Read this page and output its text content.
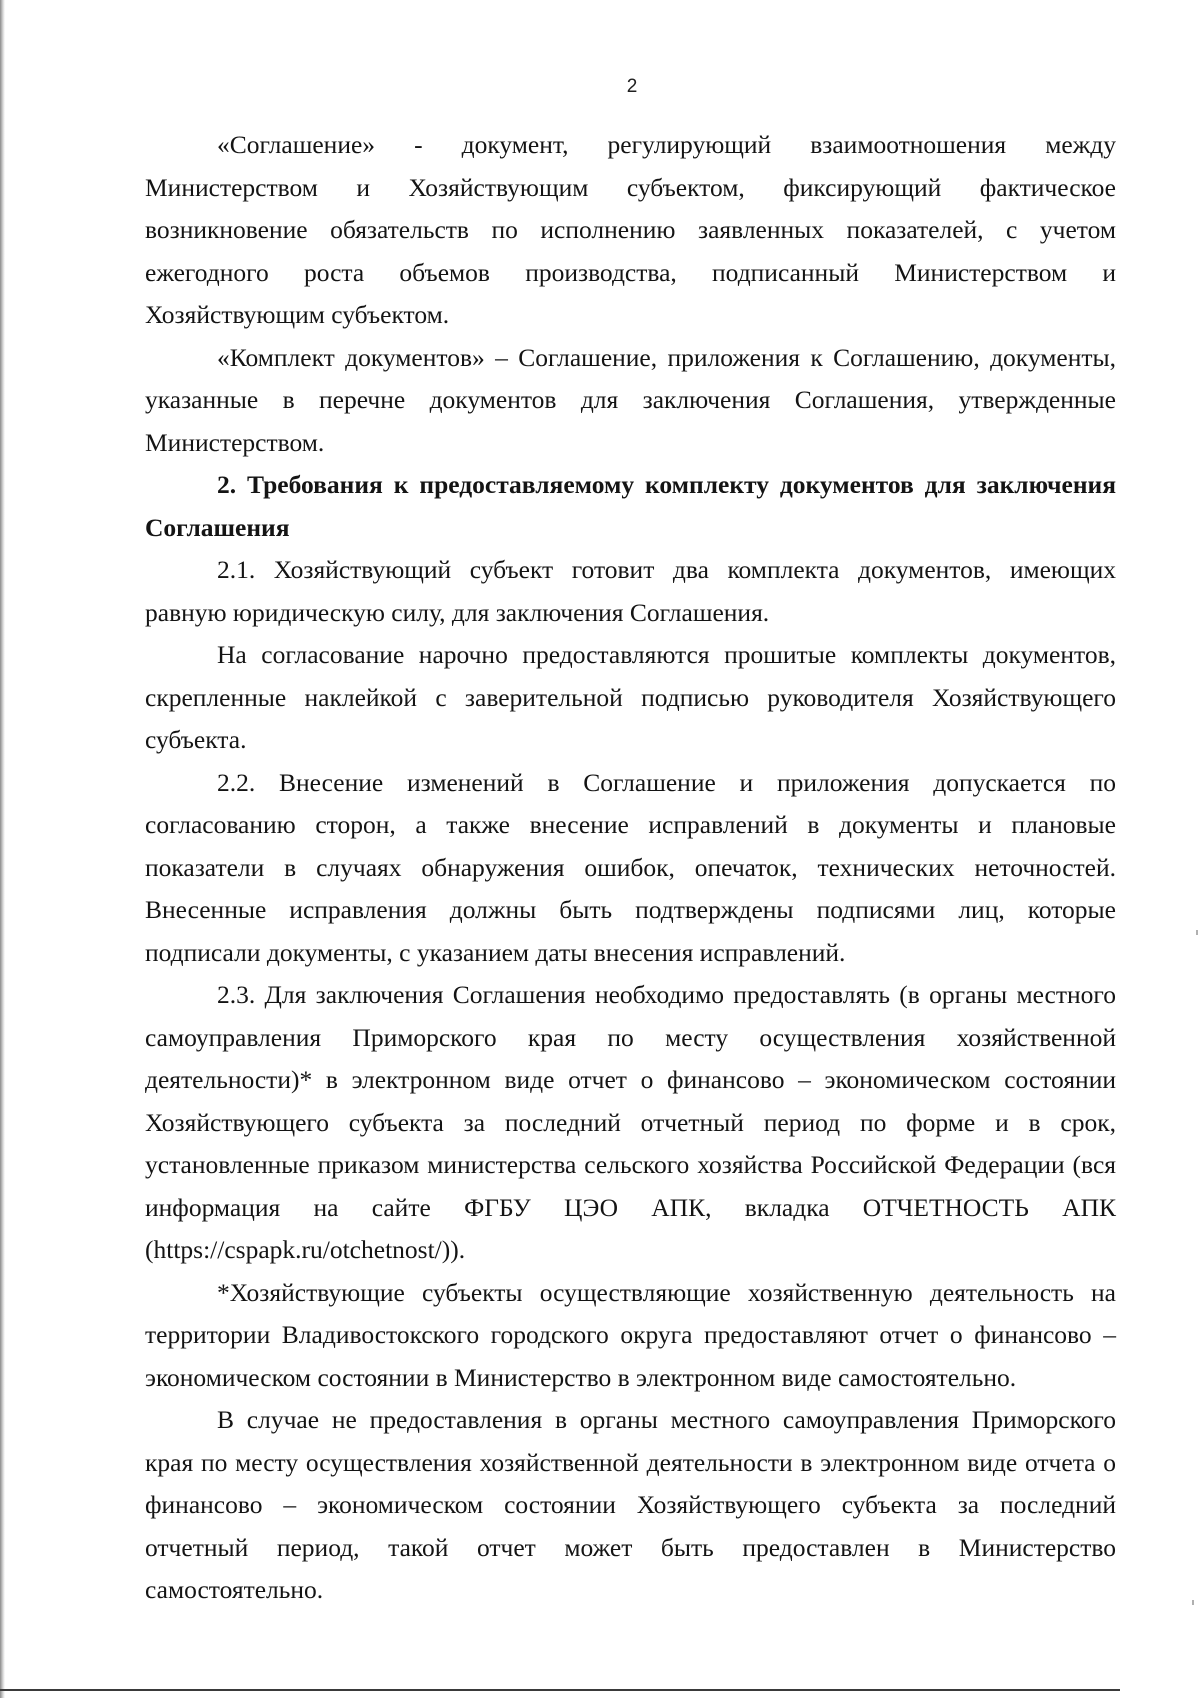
2

«Соглашение» - документ, регулирующий взаимоотношения между Министерством и Хозяйствующим субъектом, фиксирующий фактическое возникновение обязательств по исполнению заявленных показателей, с учетом ежегодного роста объемов производства, подписанный Министерством и Хозяйствующим субъектом.

«Комплект документов» – Соглашение, приложения к Соглашению, документы, указанные в перечне документов для заключения Соглашения, утвержденные Министерством.

2. Требования к предоставляемому комплекту документов для заключения Соглашения

2.1. Хозяйствующий субъект готовит два комплекта документов, имеющих равную юридическую силу, для заключения Соглашения.

На согласование нарочно предоставляются прошитые комплекты документов, скрепленные наклейкой с заверительной подписью руководителя Хозяйствующего субъекта.

2.2. Внесение изменений в Соглашение и приложения допускается по согласованию сторон, а также внесение исправлений в документы и плановые показатели в случаях обнаружения ошибок, опечаток, технических неточностей. Внесенные исправления должны быть подтверждены подписями лиц, которые подписали документы, с указанием даты внесения исправлений.

2.3. Для заключения Соглашения необходимо предоставлять (в органы местного самоуправления Приморского края по месту осуществления хозяйственной деятельности)* в электронном виде отчет о финансово – экономическом состоянии Хозяйствующего субъекта за последний отчетный период по форме и в срок, установленные приказом министерства сельского хозяйства Российской Федерации (вся информация на сайте ФГБУ ЦЭО АПК, вкладка ОТЧЕТНОСТЬ АПК (https://cspapk.ru/otchetnost/)).

*Хозяйствующие субъекты осуществляющие хозяйственную деятельность на территории Владивостокского городского округа предоставляют отчет о финансово – экономическом состоянии в Министерство в электронном виде самостоятельно.

В случае не предоставления в органы местного самоуправления Приморского края по месту осуществления хозяйственной деятельности в электронном виде отчета о финансово – экономическом состоянии Хозяйствующего субъекта за последний отчетный период, такой отчет может быть предоставлен в Министерство самостоятельно.
